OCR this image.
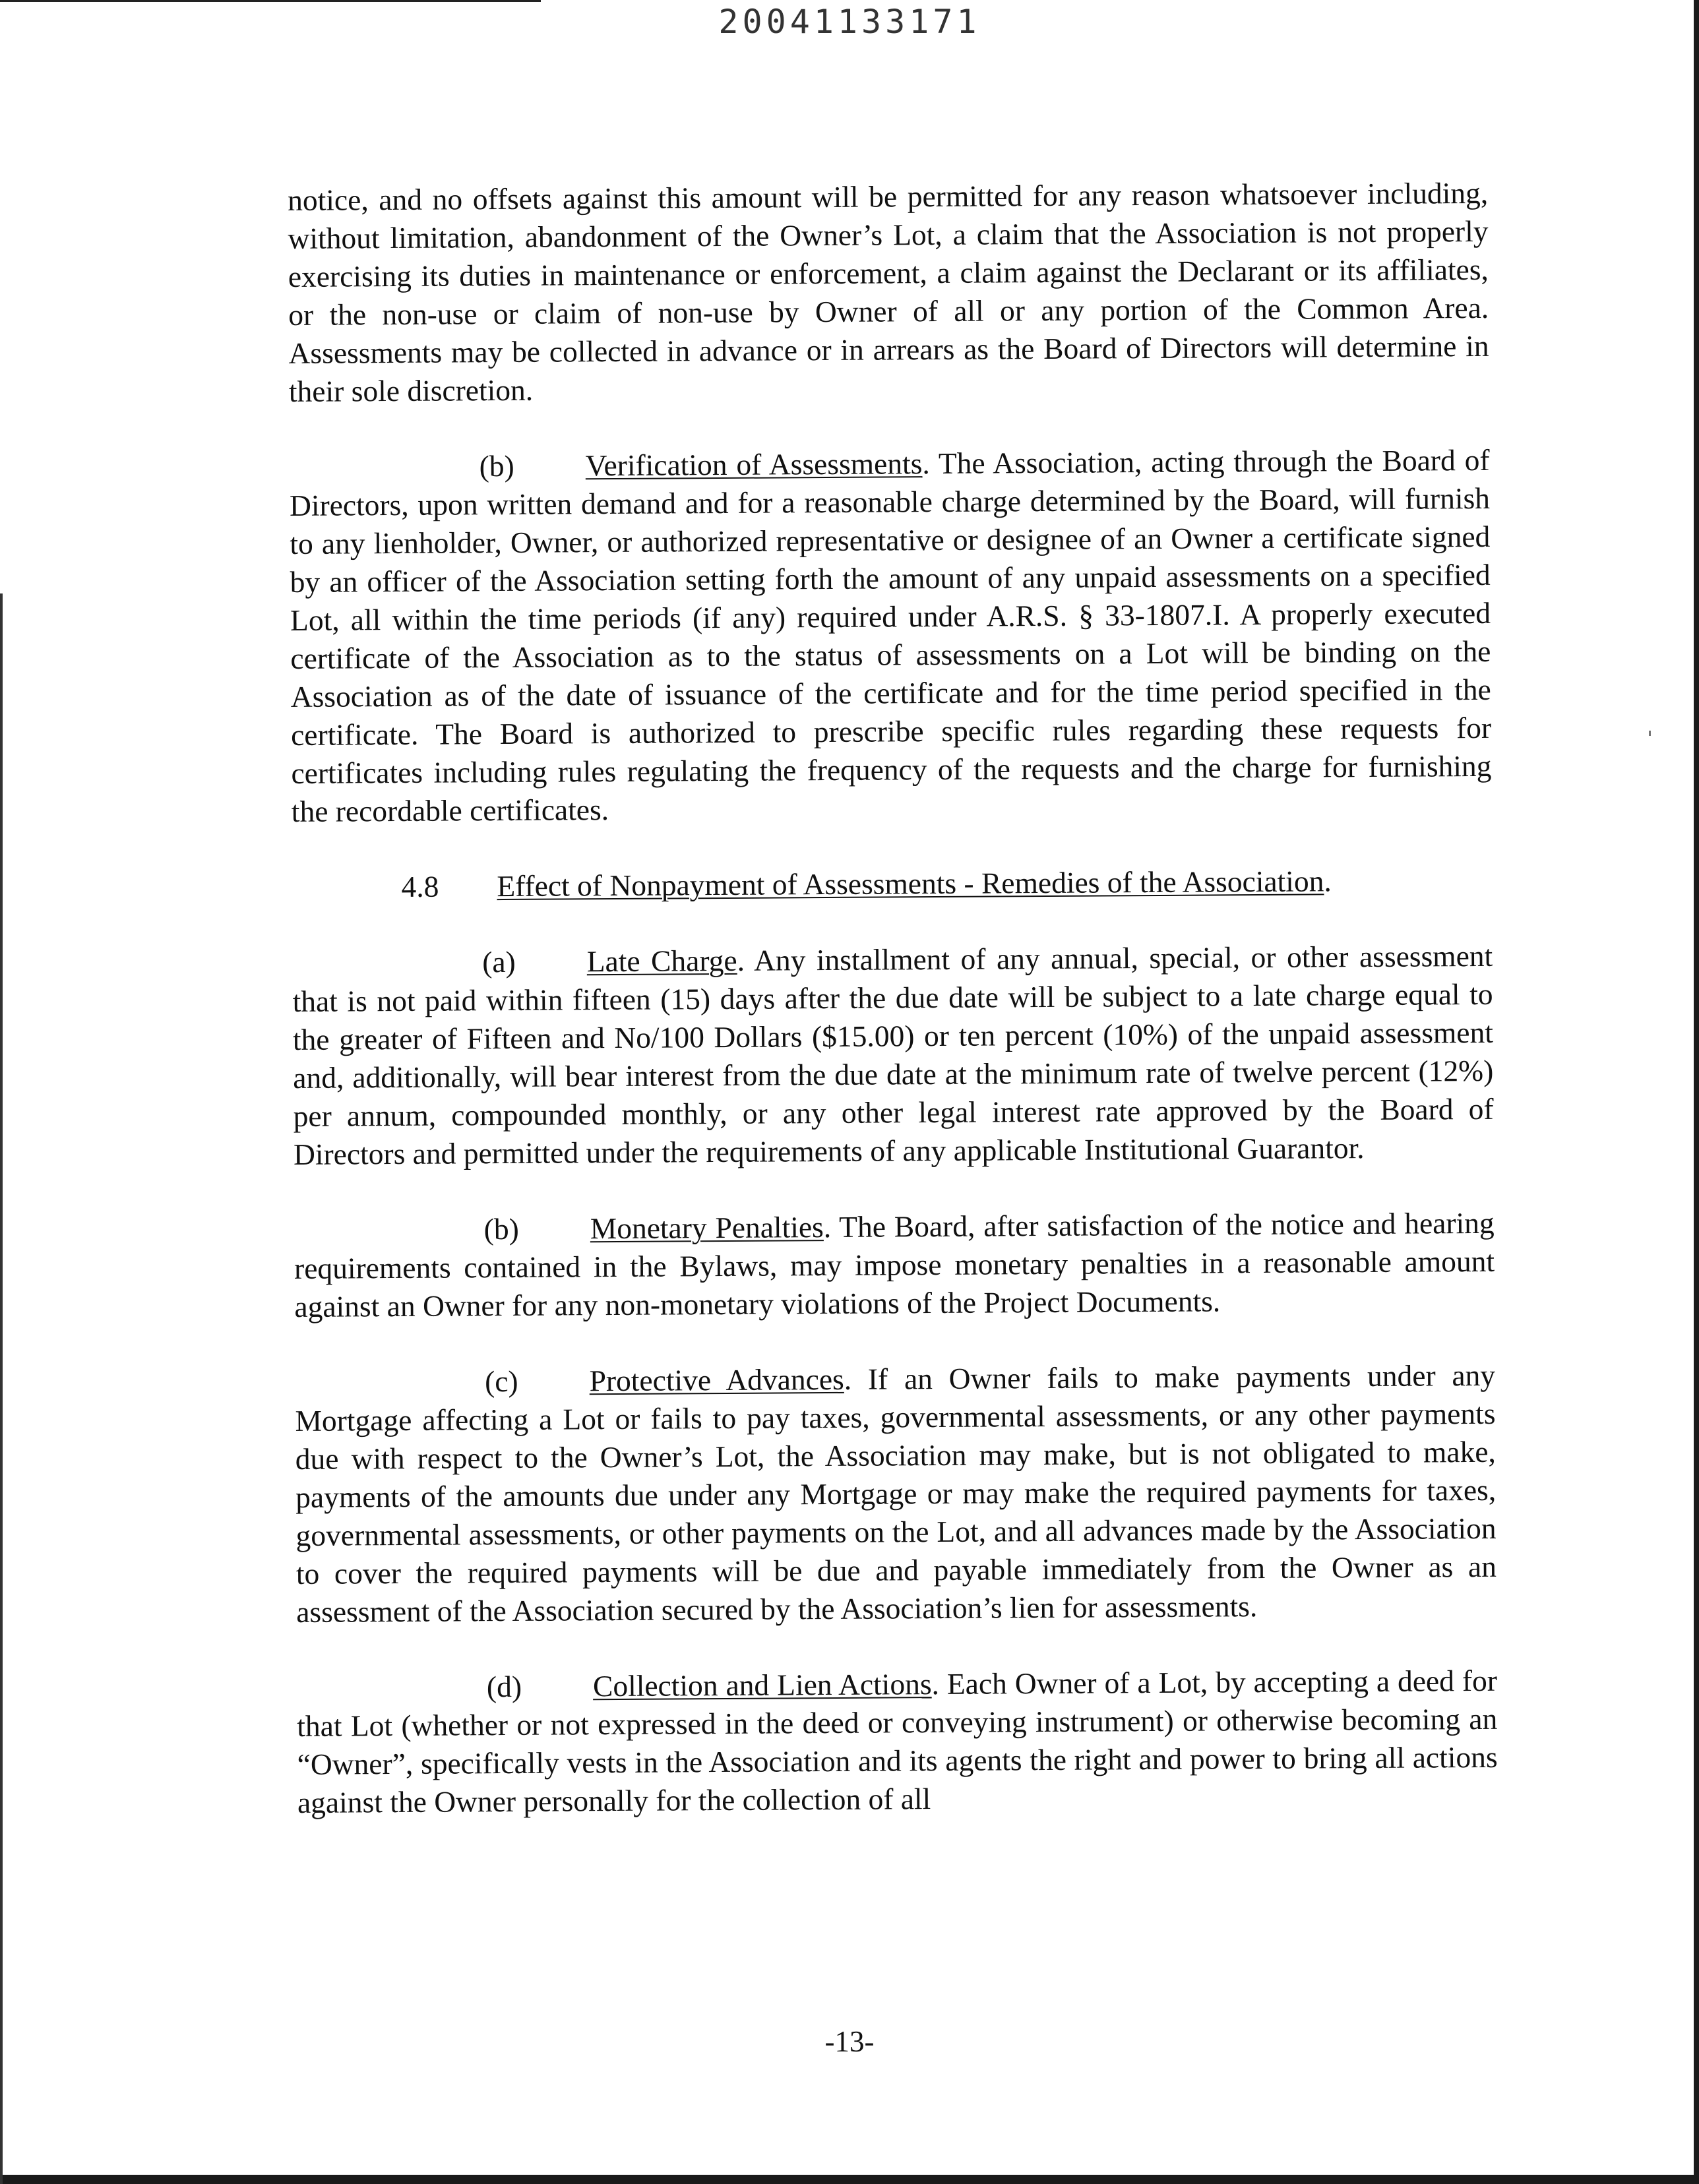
20041133171

notice, and no offsets against this amount will be permitted for any reason whatsoever including, without limitation, abandonment of the Owner’s Lot, a claim that the Association is not properly exercising its duties in maintenance or enforcement, a claim against the Declarant or its affiliates, or the non-use or claim of non-use by Owner of all or any portion of the Common Area. Assessments may be collected in advance or in arrears as the Board of Directors will determine in their sole discretion.

(b) Verification of Assessments. The Association, acting through the Board of Directors, upon written demand and for a reasonable charge determined by the Board, will furnish to any lienholder, Owner, or authorized representative or designee of an Owner a certificate signed by an officer of the Association setting forth the amount of any unpaid assessments on a specified Lot, all within the time periods (if any) required under A.R.S. § 33-1807.I. A properly executed certificate of the Association as to the status of assessments on a Lot will be binding on the Association as of the date of issuance of the certificate and for the time period specified in the certificate. The Board is authorized to prescribe specific rules regarding these requests for certificates including rules regulating the frequency of the requests and the charge for furnishing the recordable certificates.

4.8 Effect of Nonpayment of Assessments - Remedies of the Association.

(a) Late Charge. Any installment of any annual, special, or other assessment that is not paid within fifteen (15) days after the due date will be subject to a late charge equal to the greater of Fifteen and No/100 Dollars ($15.00) or ten percent (10%) of the unpaid assessment and, additionally, will bear interest from the due date at the minimum rate of twelve percent (12%) per annum, compounded monthly, or any other legal interest rate approved by the Board of Directors and permitted under the requirements of any applicable Institutional Guarantor.

(b) Monetary Penalties. The Board, after satisfaction of the notice and hearing requirements contained in the Bylaws, may impose monetary penalties in a reasonable amount against an Owner for any non-monetary violations of the Project Documents.

(c) Protective Advances. If an Owner fails to make payments under any Mortgage affecting a Lot or fails to pay taxes, governmental assessments, or any other payments due with respect to the Owner’s Lot, the Association may make, but is not obligated to make, payments of the amounts due under any Mortgage or may make the required payments for taxes, governmental assessments, or other payments on the Lot, and all advances made by the Association to cover the required payments will be due and payable immediately from the Owner as an assessment of the Association secured by the Association’s lien for assessments.

(d) Collection and Lien Actions. Each Owner of a Lot, by accepting a deed for that Lot (whether or not expressed in the deed or conveying instrument) or otherwise becoming an “Owner”, specifically vests in the Association and its agents the right and power to bring all actions against the Owner personally for the collection of all

-13-
